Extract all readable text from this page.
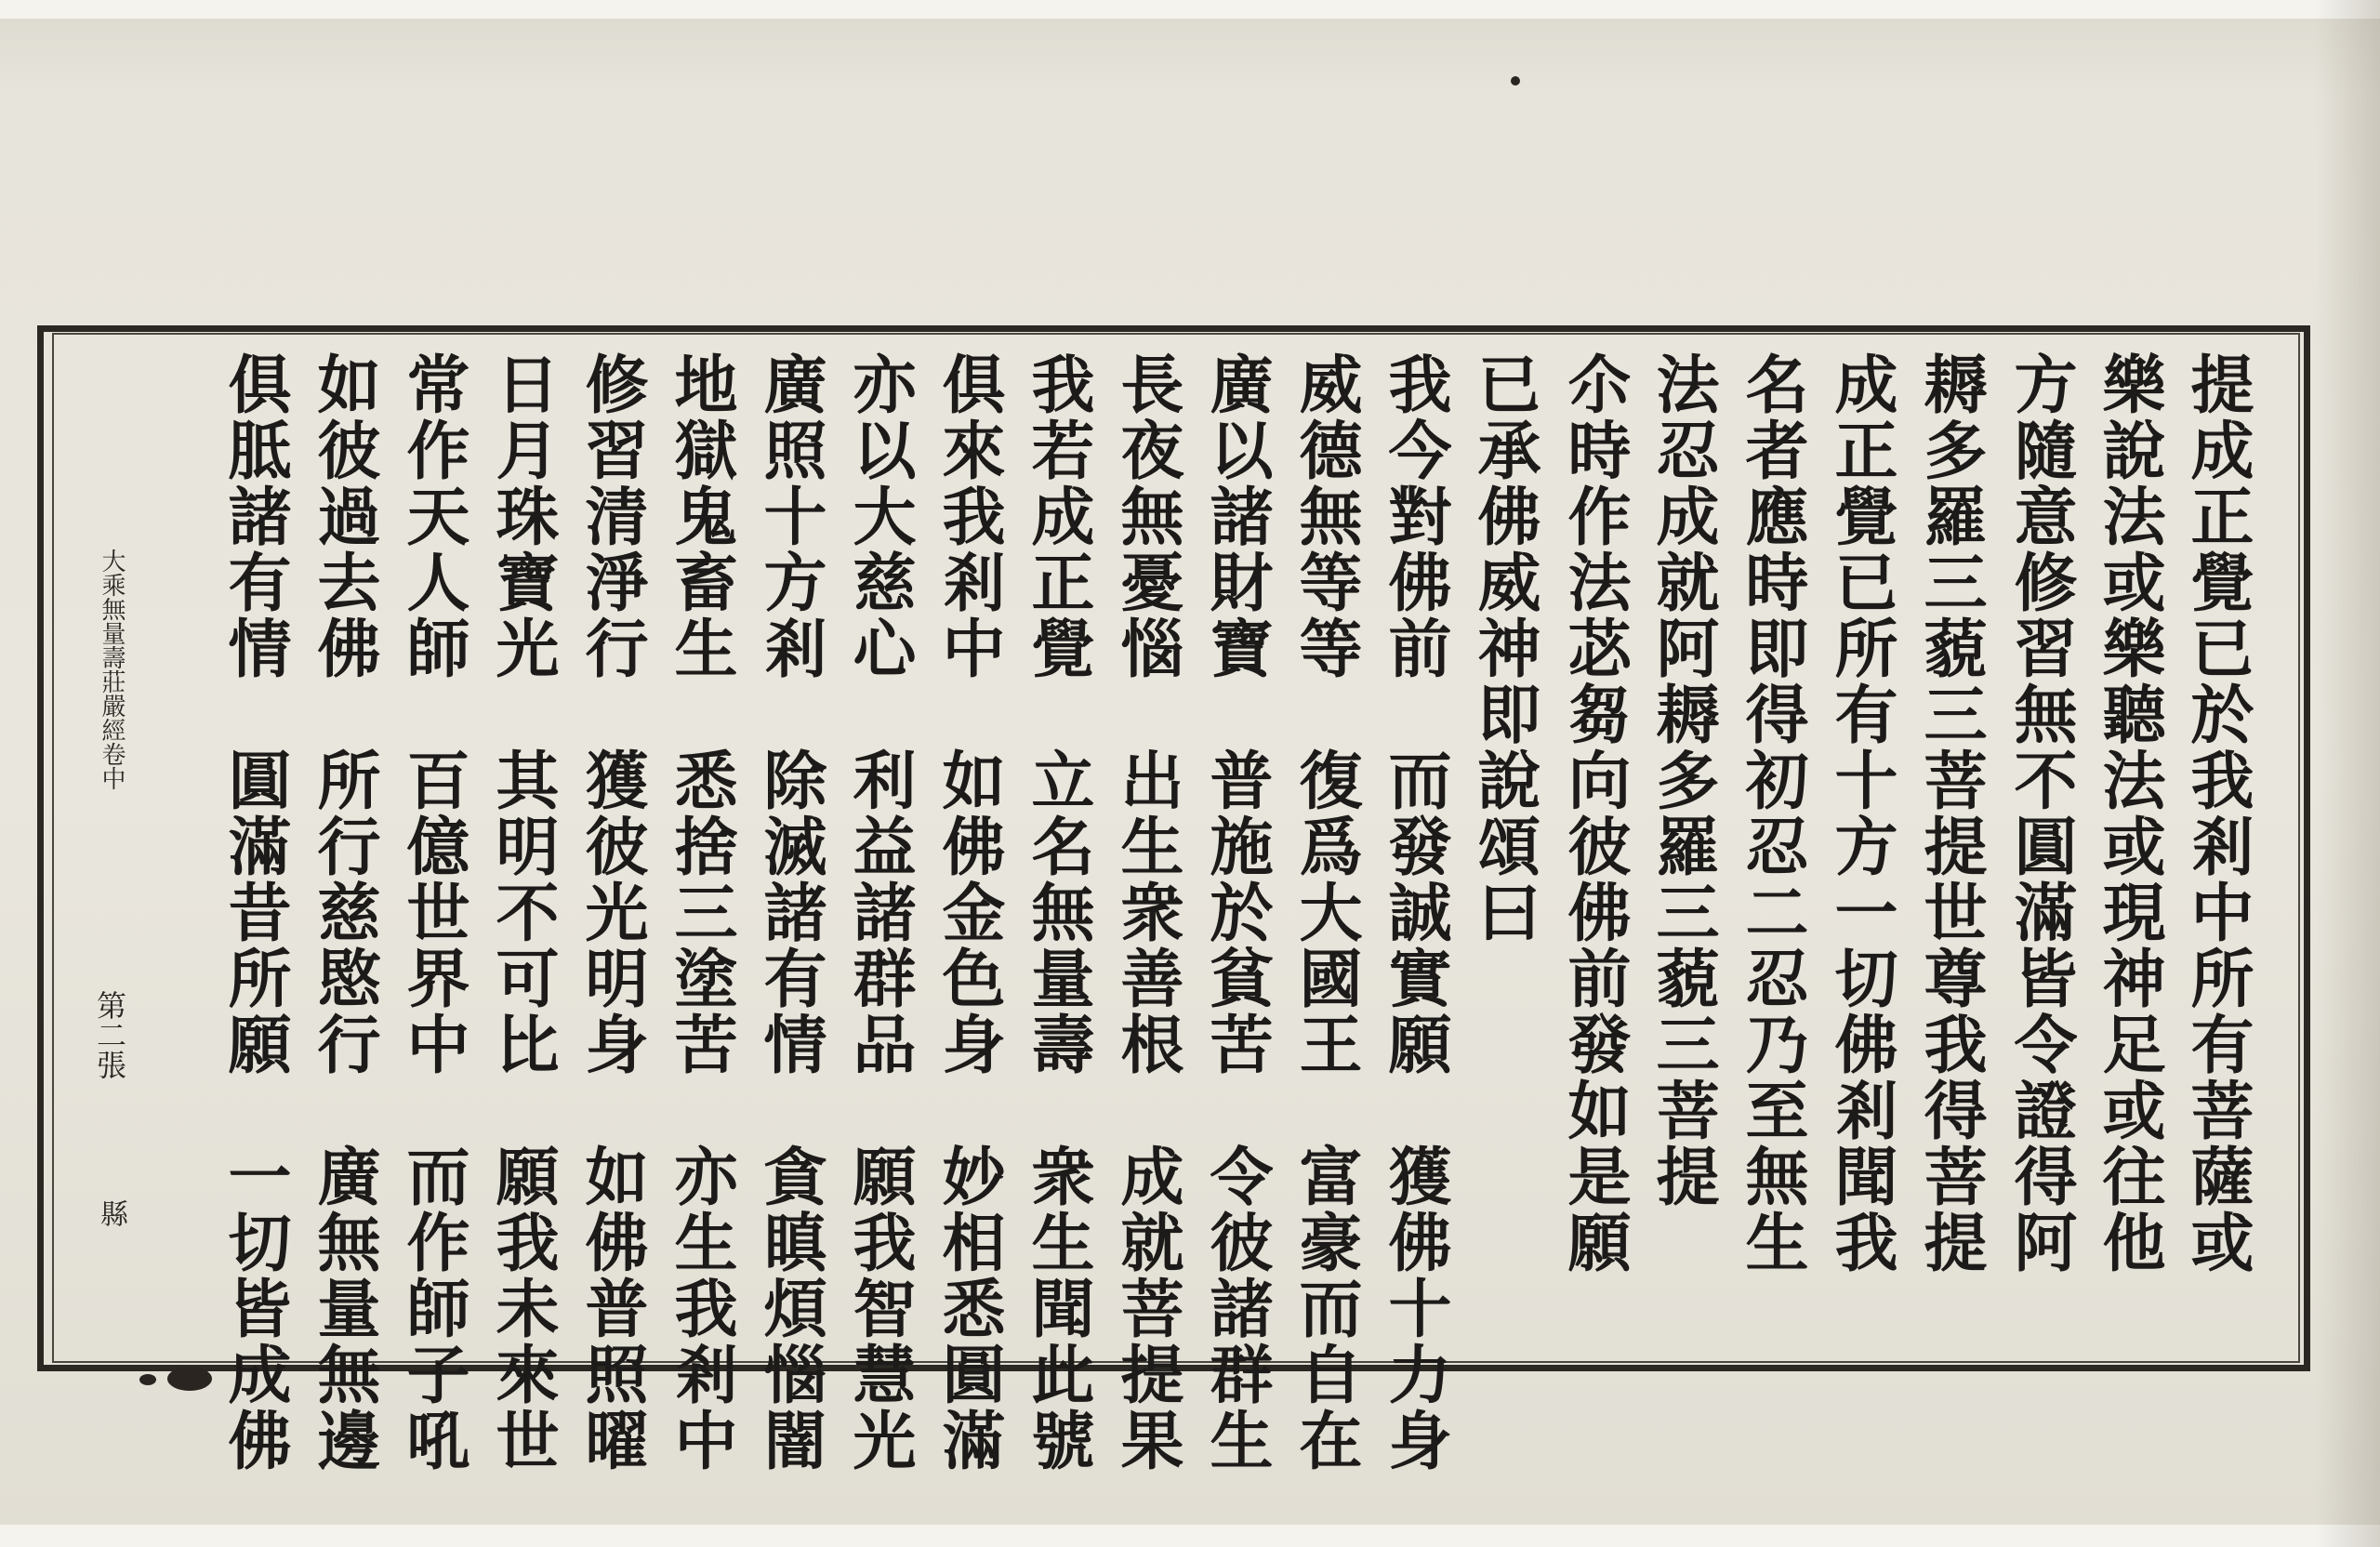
提成正覺已於我剎中所有菩薩或
樂說法或樂聽法或現神足或往他
方隨意修習無不圓滿皆令證得阿
耨多羅三藐三菩提世尊我得菩提
成正覺已所有十方一切佛剎聞我
名者應時即得初忍二忍乃至無生
法忍成就阿耨多羅三藐三菩提
尒時作法苾芻向彼佛前發如是願
已承佛威神即說頌曰
我今對佛前　而發誠實願　獲佛十力身
威德無等等　復爲大國王　富豪而自在
廣以諸財寶　普施於貧苦　令彼諸群生
長夜無憂惱　出生衆善根　成就菩提果
我若成正覺　立名無量壽　衆生聞此號
俱來我剎中　如佛金色身　妙相悉圓滿
亦以大慈心　利益諸群品　願我智慧光
廣照十方剎　除滅諸有情　貪瞋煩惱闇
地獄鬼畜生　悉捨三塗苦　亦生我剎中
修習清淨行　獲彼光明身　如佛普照曜
日月珠寶光　其明不可比　願我未來世
常作天人師　百億世界中　而作師子吼
如彼過去佛　所行慈愍行　廣無量無邊
俱胝諸有情　圓滿昔所願　一切皆成佛
大乘無量壽莊嚴經卷中
第二張
縣
